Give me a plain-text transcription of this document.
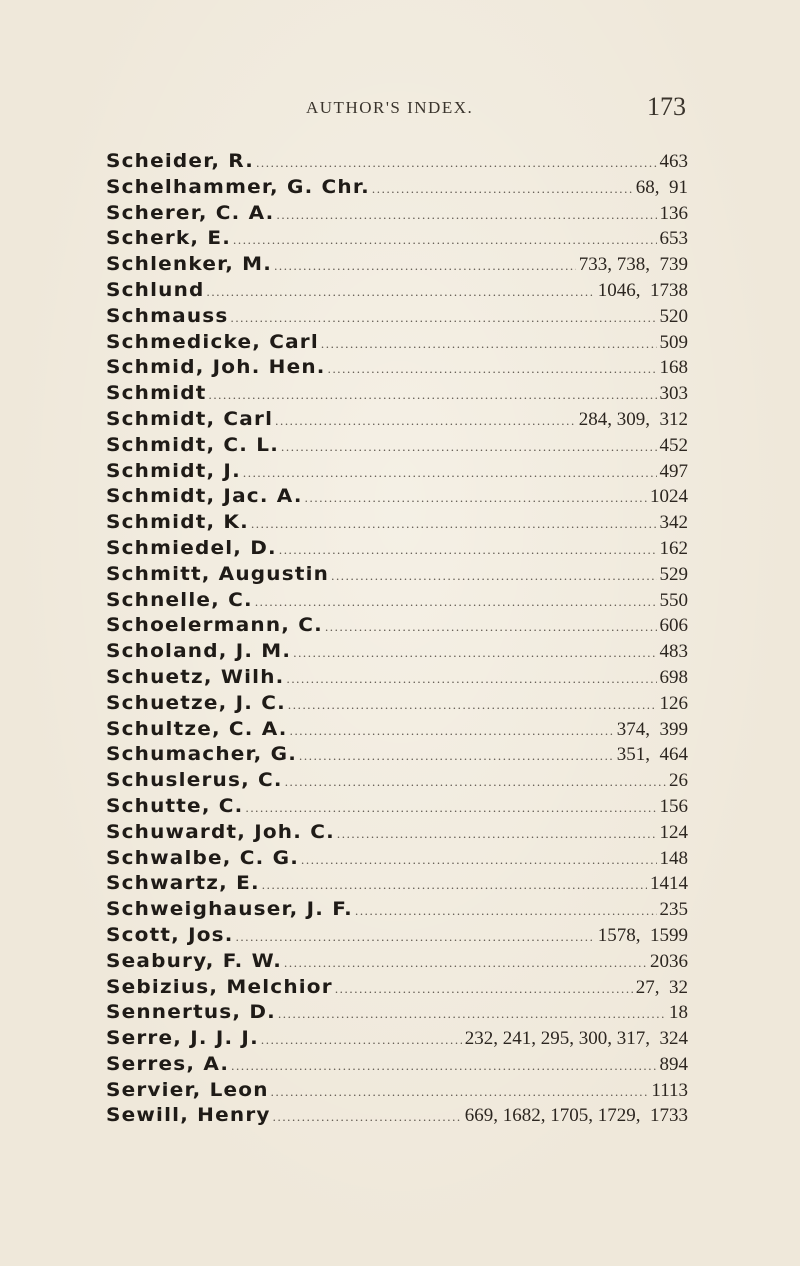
AUTHOR'S INDEX.	173
Scheider, R. .....	463
Schelhammer, G. Chr. .....	68,  91
Scherer, C. A. .....	136
Scherk, E. .....	653
Schlenker, M. .....	733, 738,  739
Schlund .....	1046,  1738
Schmauss .....	520
Schmedicke, Carl .....	509
Schmid, Joh. Hen. .....	168
Schmidt .....	303
Schmidt, Carl .....	284, 309,  312
Schmidt, C. L. .....	452
Schmidt, J. .....	497
Schmidt, Jac. A. .....	1024
Schmidt, K. .....	342
Schmiedel, D. .....	162
Schmitt, Augustin .....	529
Schnelle, C. .....	550
Schoelermann, C. .....	606
Scholand, J. M. .....	483
Schuetz, Wilh. .....	698
Schuetze, J. C. .....	126
Schultze, C. A. .....	374,  399
Schumacher, G. .....	351,  464
Schuslerus, C. .....	26
Schutte, C. .....	156
Schuwardt, Joh. C. .....	124
Schwalbe, C. G. .....	148
Schwartz, E. .....	1414
Schweighauser, J. F. .....	235
Scott, Jos. .....	1578,  1599
Seabury, F. W. .....	2036
Sebizius, Melchior .....	27,  32
Sennertus, D. .....	18
Serre, J. J. J. .....	232, 241, 295, 300, 317,  324
Serres, A. .....	894
Servier, Leon .....	1113
Sewill, Henry .....	669, 1682, 1705, 1729,  1733
